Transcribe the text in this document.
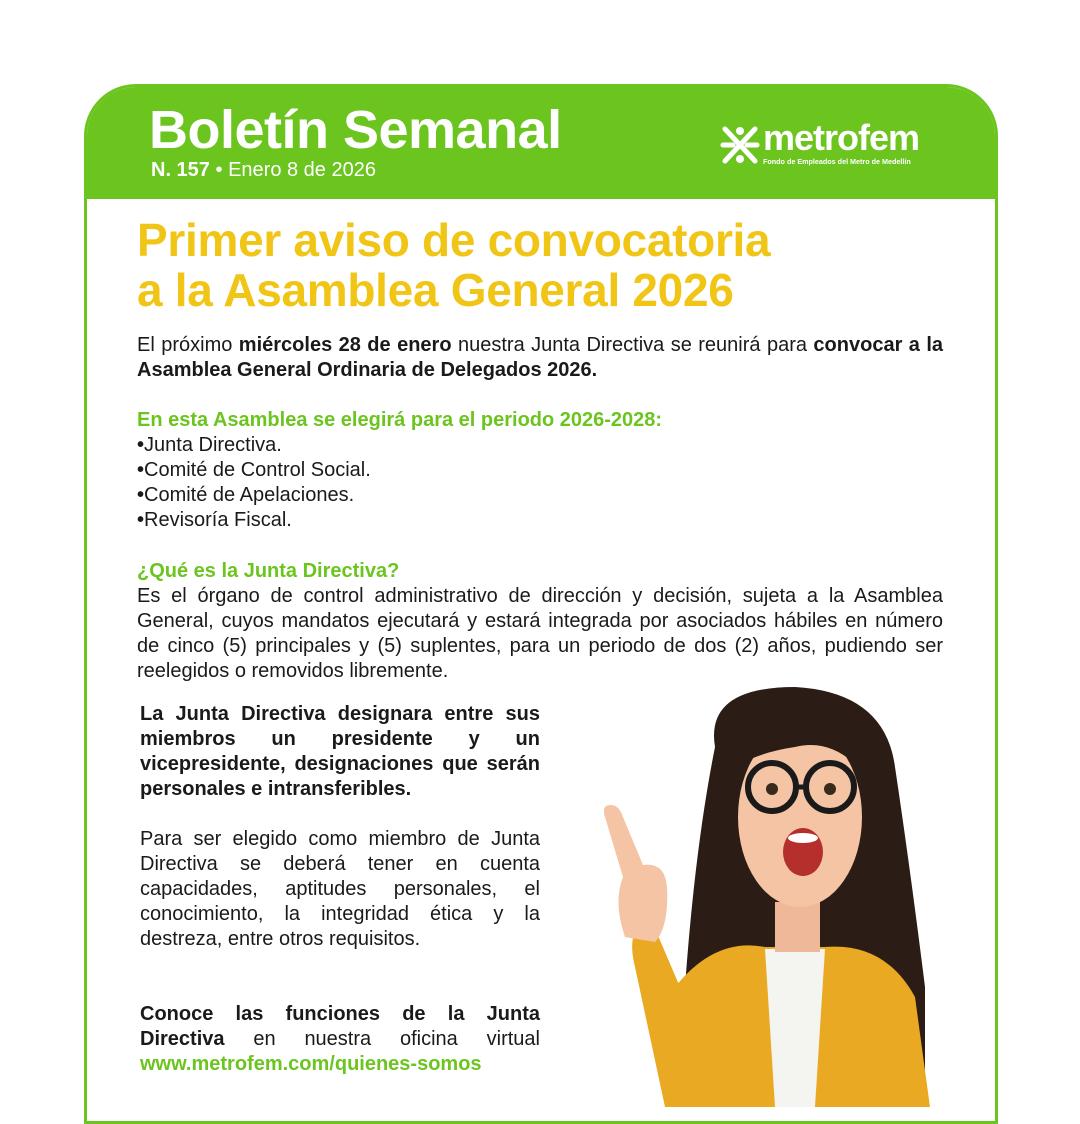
Boletín Semanal
N. 157 • Enero 8 de 2026
metrofem
Fondo de Empleados del Metro de Medellín
Primer aviso de convocatoria
a la Asamblea General 2026
El próximo miércoles 28 de enero nuestra Junta Directiva se reunirá para convocar a la Asamblea General Ordinaria de Delegados 2026.
En esta Asamblea se elegirá para el periodo 2026-2028:
• Junta Directiva.
• Comité de Control Social.
• Comité de Apelaciones.
• Revisoría Fiscal.
¿Qué es la Junta Directiva?
Es el órgano de control administrativo de dirección y decisión, sujeta a la Asamblea General, cuyos mandatos ejecutará y estará integrada por asociados hábiles en número de cinco (5) principales y (5) suplentes, para un periodo de dos (2) años, pudiendo ser reelegidos o removidos libremente.
La Junta Directiva designara entre sus miembros un presidente y un vicepresidente, designaciones que serán personales e intransferibles.
Para ser elegido como miembro de Junta Directiva se deberá tener en cuenta capacidades, aptitudes personales, el conocimiento, la integridad ética y la destreza, entre otros requisitos.
Conoce las funciones de la Junta Directiva en nuestra oficina virtual www.metrofem.com/quienes-somos
